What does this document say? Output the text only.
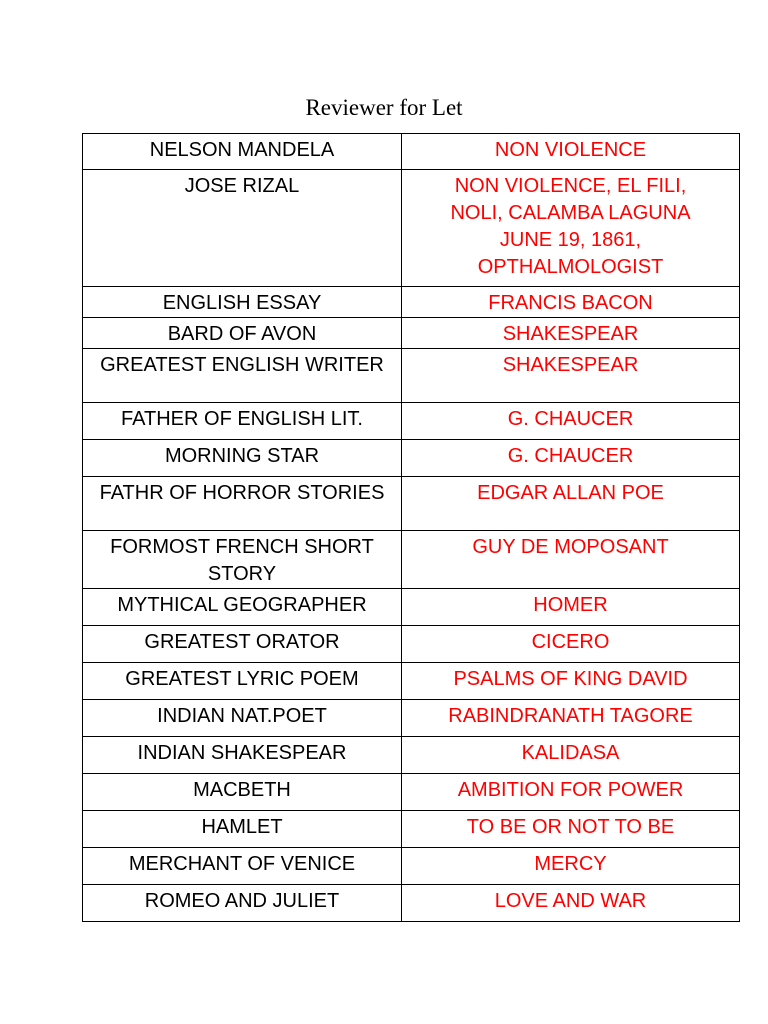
Reviewer for Let
NELSON MANDELA	NON VIOLENCE

JOSE RIZAL	NON VIOLENCE, EL FILI,
NOLI, CALAMBA LAGUNA
JUNE 19, 1861,
OPTHALMOLOGIST

ENGLISH ESSAY	FRANCIS BACON

BARD OF AVON	SHAKESPEAR

GREATEST ENGLISH WRITER	SHAKESPEAR

FATHER OF ENGLISH LIT.	G. CHAUCER

MORNING STAR	G. CHAUCER

FATHR OF HORROR STORIES	EDGAR ALLAN POE

FORMOST FRENCH SHORT STORY	GUY DE MOPOSANT

MYTHICAL GEOGRAPHER	HOMER

GREATEST ORATOR	CICERO

GREATEST LYRIC POEM	PSALMS OF KING DAVID

INDIAN NAT.POET	RABINDRANATH TAGORE

INDIAN SHAKESPEAR	KALIDASA

MACBETH	AMBITION FOR POWER

HAMLET	TO BE OR NOT TO BE

MERCHANT OF VENICE	MERCY

ROMEO AND JULIET	LOVE AND WAR
